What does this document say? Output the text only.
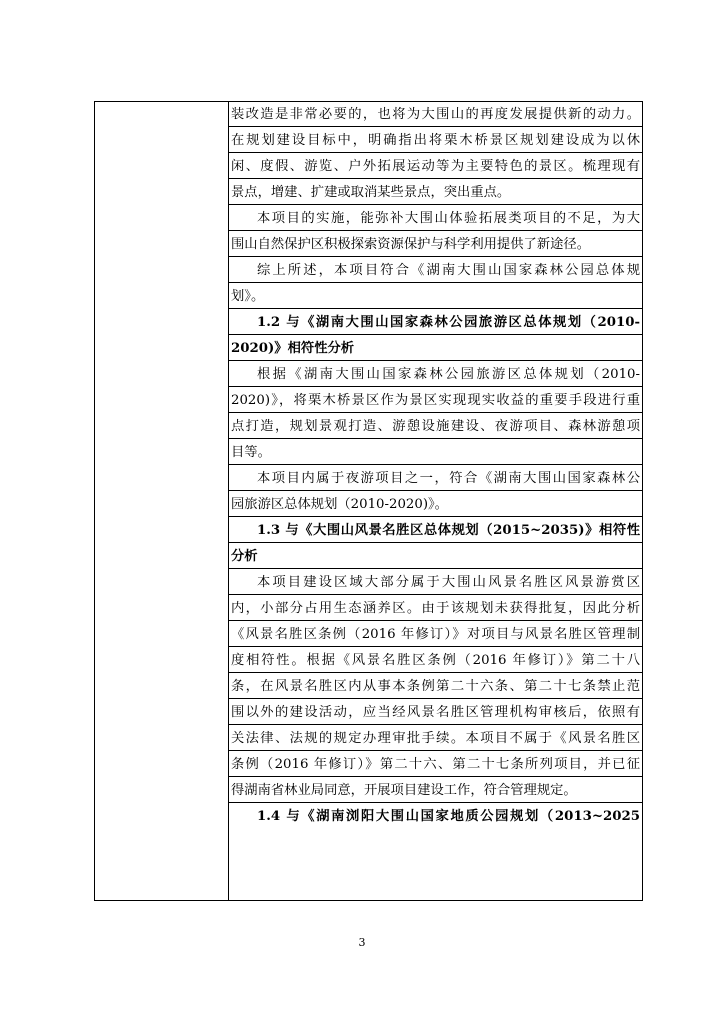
装改造是非常必要的，也将为大围山的再度发展提供新的动力。
在规划建设目标中，明确指出将栗木桥景区规划建设成为以休
闲、度假、游览、户外拓展运动等为主要特色的景区。梳理现有
景点，增建、扩建或取消某些景点，突出重点。
本项目的实施，能弥补大围山体验拓展类项目的不足，为大
围山自然保护区积极探索资源保护与科学利用提供了新途径。
综上所述，本项目符合《湖南大围山国家森林公园总体规
划》。
1.2 与《湖南大围山国家森林公园旅游区总体规划（2010-
2020)》相符性分析
根据《湖南大围山国家森林公园旅游区总体规划（2010-
2020)》，将栗木桥景区作为景区实现现实收益的重要手段进行重
点打造，规划景观打造、游憩设施建设、夜游项目、森林游憩项
目等。
本项目内属于夜游项目之一，符合《湖南大围山国家森林公
园旅游区总体规划（2010-2020)》。
1.3 与《大围山风景名胜区总体规划（2015~2035)》相符性
分析
本项目建设区域大部分属于大围山风景名胜区风景游赏区
内，小部分占用生态涵养区。由于该规划未获得批复，因此分析
《风景名胜区条例（2016 年修订）》对项目与风景名胜区管理制
度相符性。根据《风景名胜区条例（2016 年修订）》第二十八
条，在风景名胜区内从事本条例第二十六条、第二十七条禁止范
围以外的建设活动，应当经风景名胜区管理机构审核后，依照有
关法律、法规的规定办理审批手续。本项目不属于《风景名胜区
条例（2016 年修订）》第二十六、第二十七条所列项目，并已征
得湖南省林业局同意，开展项目建设工作，符合管理规定。
1.4 与《湖南浏阳大围山国家地质公园规划（2013~2025
3
